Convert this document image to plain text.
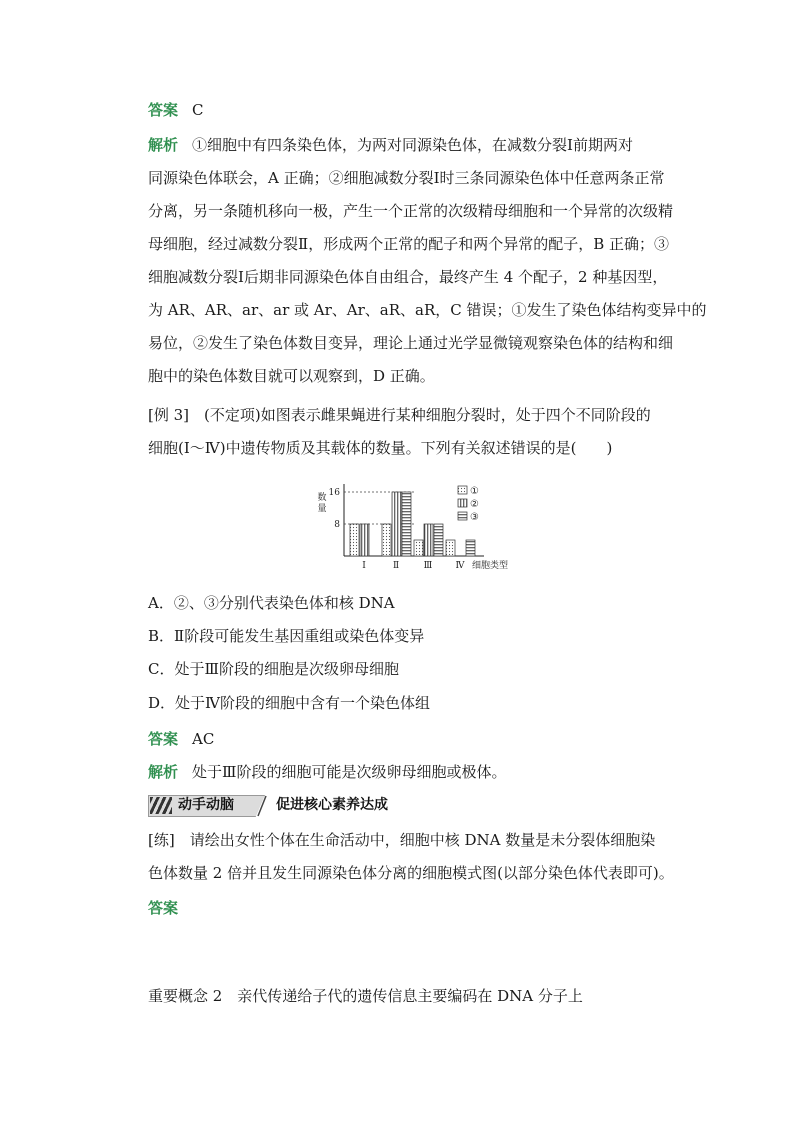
答案 C
解析 ①细胞中有四条染色体，为两对同源染色体，在减数分裂Ⅰ前期两对
同源染色体联会，A 正确；②细胞减数分裂Ⅰ时三条同源染色体中任意两条正常
分离，另一条随机移向一极，产生一个正常的次级精母细胞和一个异常的次级精
母细胞，经过减数分裂Ⅱ，形成两个正常的配子和两个异常的配子，B 正确；③
细胞减数分裂Ⅰ后期非同源染色体自由组合，最终产生 4 个配子，2 种基因型，
为 AR、AR、ar、ar 或 Ar、Ar、aR、aR，C 错误；①发生了染色体结构变异中的
易位，②发生了染色体数目变异，理论上通过光学显微镜观察染色体的结构和细
胞中的染色体数目就可以观察到，D 正确。
[例 3]　(不定项)如图表示雌果蝇进行某种细胞分裂时，处于四个不同阶段的
细胞(Ⅰ～Ⅳ)中遗传物质及其载体的数量。下列有关叙述错误的是(　　)
8
16
数
量
Ⅰ	Ⅱ	Ⅲ	Ⅳ 细胞类型
①
②
③
A．②、③分别代表染色体和核 DNA
B．Ⅱ阶段可能发生基因重组或染色体变异
C．处于Ⅲ阶段的细胞是次级卵母细胞
D．处于Ⅳ阶段的细胞中含有一个染色体组
答案 AC
解析 处于Ⅲ阶段的细胞可能是次级卵母细胞或极体。
动手动脑	促进核心素养达成
[练]　请绘出女性个体在生命活动中，细胞中核 DNA 数量是未分裂体细胞染
色体数量 2 倍并且发生同源染色体分离的细胞模式图(以部分染色体代表即可)。
答案
重要概念 2　亲代传递给子代的遗传信息主要编码在 DNA 分子上
